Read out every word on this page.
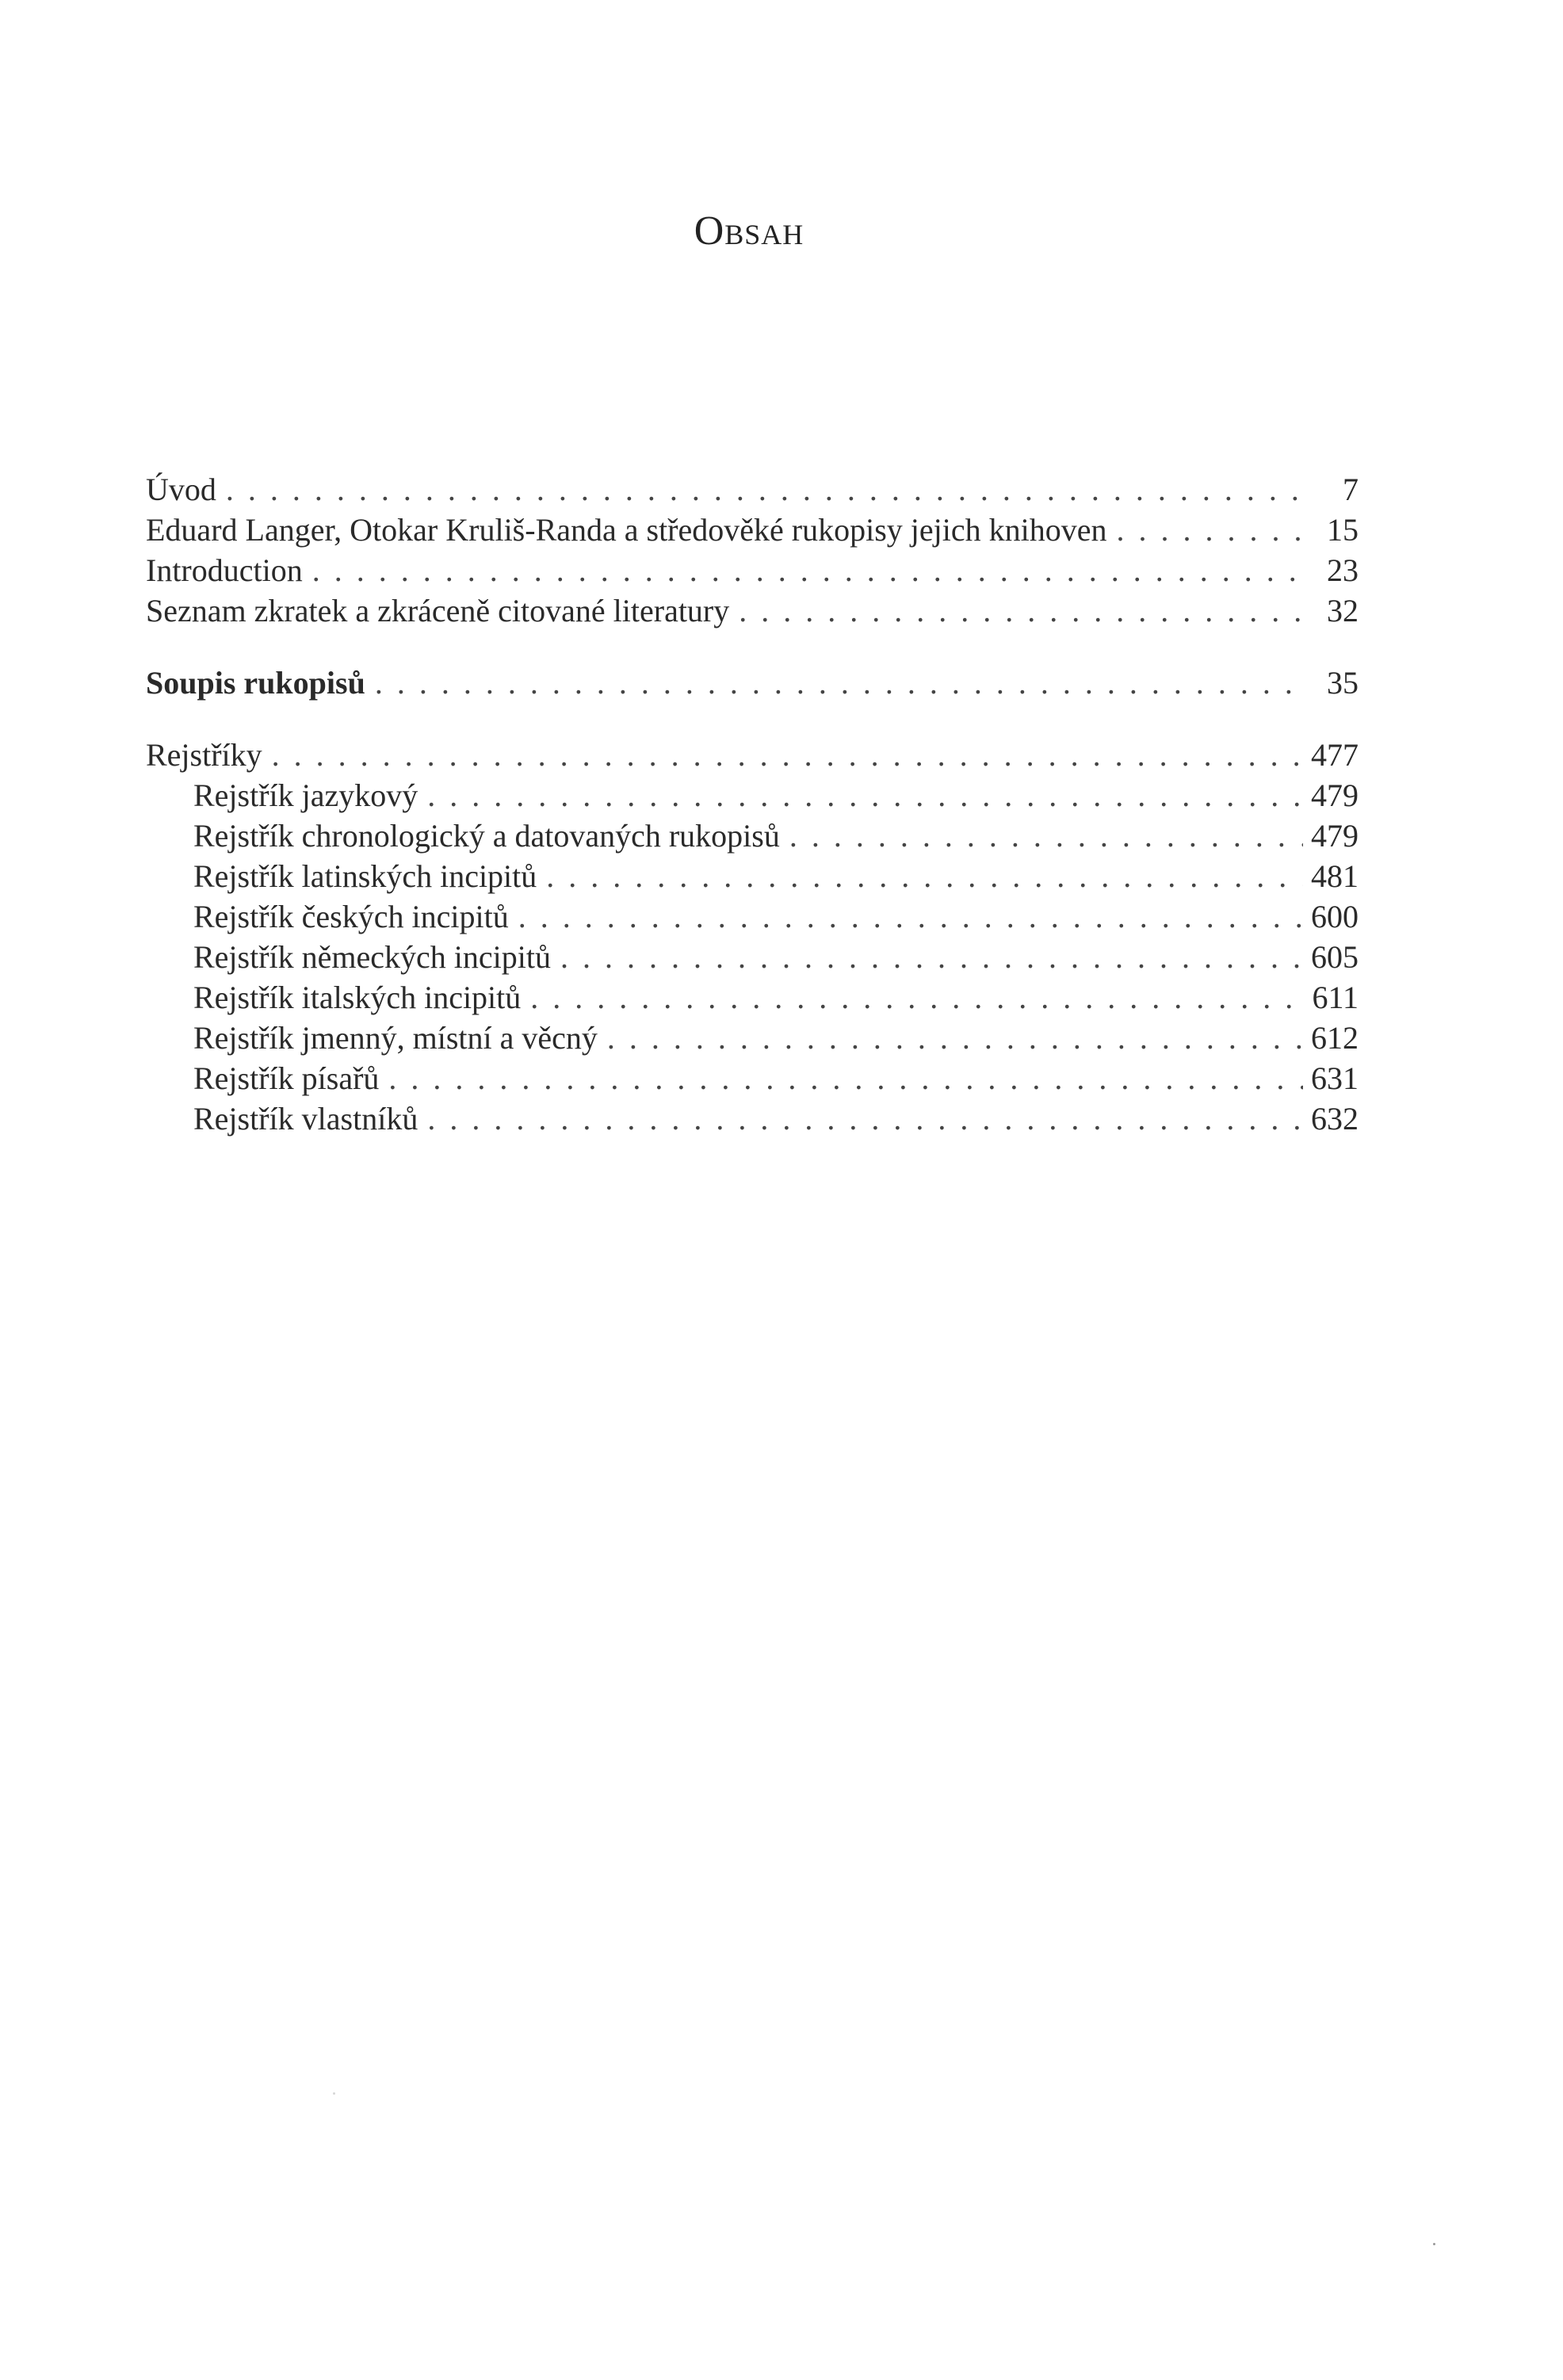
Obsah
Úvod . . .	7
Eduard Langer, Otokar Kruliš-Randa a středověké rukopisy jejich knihoven . . .	15
Introduction . . .	23
Seznam zkratek a zkráceně citované literatury . . .	32
Soupis rukopisů . . .	35
Rejstříky . . .	477
Rejstřík jazykový . . .	479
Rejstřík chronologický a datovaných rukopisů . . .	479
Rejstřík latinských incipitů . . .	481
Rejstřík českých incipitů . . .	600
Rejstřík německých incipitů . . .	605
Rejstřík italských incipitů . . .	611
Rejstřík jmenný, místní a věcný . . .	612
Rejstřík písařů . . .	631
Rejstřík vlastníků . . .	632
